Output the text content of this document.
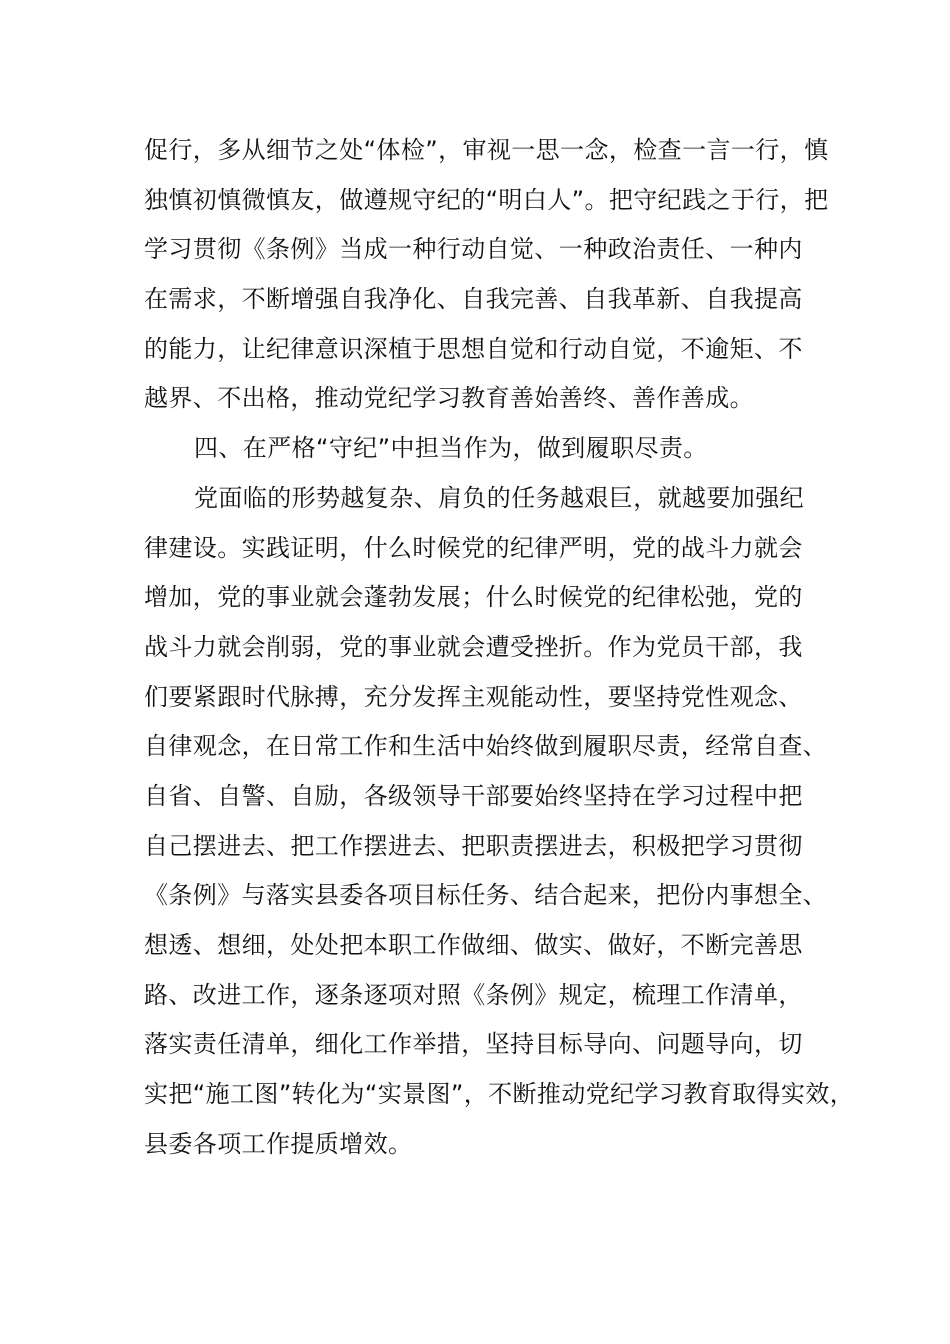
促行，多从细节之处“体检”，审视一思一念，检查一言一行，慎
独慎初慎微慎友，做遵规守纪的“明白人”。把守纪践之于行，把
学习贯彻《条例》当成一种行动自觉、一种政治责任、一种内
在需求，不断增强自我净化、自我完善、自我革新、自我提高
的能力，让纪律意识深植于思想自觉和行动自觉，不逾矩、不
越界、不出格，推动党纪学习教育善始善终、善作善成。
四、在严格“守纪”中担当作为，做到履职尽责。
党面临的形势越复杂、肩负的任务越艰巨，就越要加强纪
律建设。实践证明，什么时候党的纪律严明，党的战斗力就会
增加，党的事业就会蓬勃发展；什么时候党的纪律松弛，党的
战斗力就会削弱，党的事业就会遭受挫折。作为党员干部，我
们要紧跟时代脉搏，充分发挥主观能动性，要坚持党性观念、
自律观念，在日常工作和生活中始终做到履职尽责，经常自查、
自省、自警、自励，各级领导干部要始终坚持在学习过程中把
自己摆进去、把工作摆进去、把职责摆进去，积极把学习贯彻
《条例》与落实县委各项目标任务、结合起来，把份内事想全、
想透、想细，处处把本职工作做细、做实、做好，不断完善思
路、改进工作，逐条逐项对照《条例》规定，梳理工作清单，
落实责任清单，细化工作举措，坚持目标导向、问题导向，切
实把“施工图”转化为“实景图”，不断推动党纪学习教育取得实效，
县委各项工作提质增效。
